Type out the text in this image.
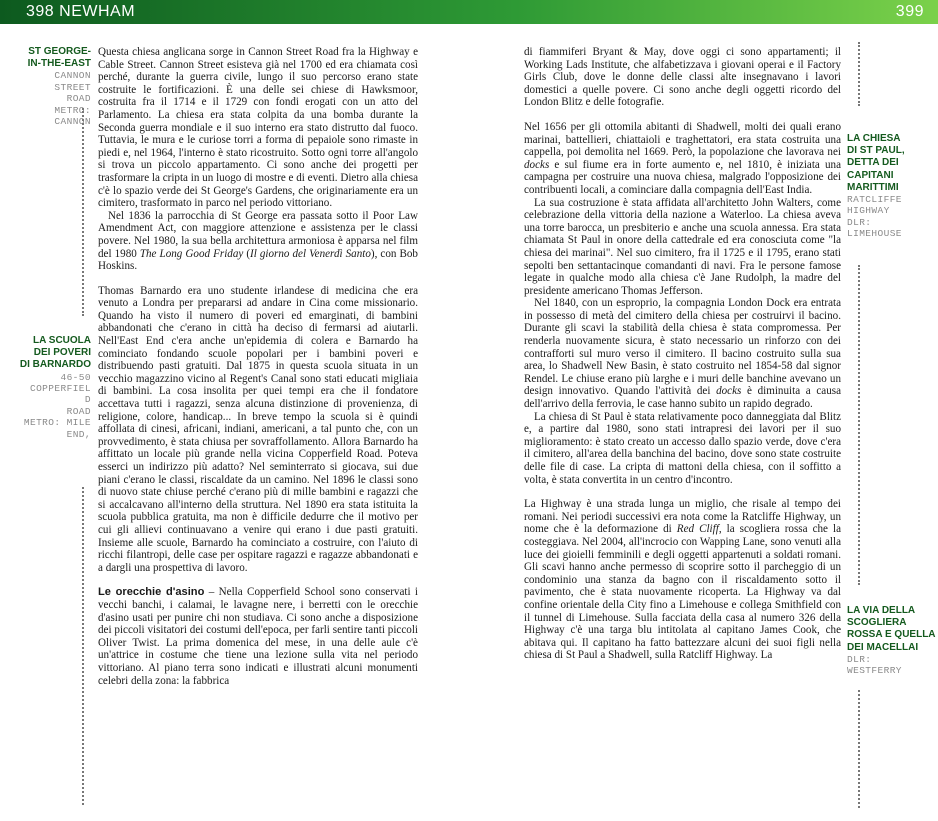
398 NEWHAM	399
ST GEORGE-
IN-THE-EAST
CANNON
STREET
ROAD
METRO:
CANNON
LA SCUOLA
DEI POVERI
DI BARNARDO
46-50
COPPERFIEL
D
ROAD
METRO: MILE
END,

Questa chiesa anglicana sorge in Cannon Street Road fra la Highway e Cable Street. Cannon Street esisteva già nel 1700 ed era chiamata così perché, durante la guerra civile, lungo il suo percorso erano state costruite le fortificazioni. È una delle sei chiese di Hawksmoor, costruita fra il 1714 e il 1729 con fondi erogati con un atto del Parlamento. La chiesa era stata colpita da una bomba durante la Seconda guerra mondiale e il suo interno era stato distrutto dal fuoco. Tuttavia, le mura e le curiose torri a forma di pepaiole sono rimaste in piedi e, nel 1964, l'interno è stato ricostruito. Sotto ogni torre all'angolo si trova un piccolo appartamento. Ci sono anche dei progetti per trasformare la cripta in un luogo di mostre e di eventi. Dietro alla chiesa c'è lo spazio verde dei St George's Gardens, che originariamente era un cimitero, trasformato in parco nel periodo vittoriano.

Nel 1836 la parrocchia di St George era passata sotto il Poor Law Amendment Act, con maggiore attenzione e assistenza per le classi povere. Nel 1980, la sua bella architettura armoniosa è apparsa nel film del 1980 The Long Good Friday (Il giorno del Venerdì Santo), con Bob Hoskins.

Thomas Barnardo era uno studente irlandese di medicina che era venuto a Londra per prepararsi ad andare in Cina come missionario. Quando ha visto il numero di poveri ed emarginati, di bambini abbandonati che c'erano in città ha deciso di fermarsi ad aiutarli. Nell'East End c'era anche un'epidemia di colera e Barnardo ha cominciato fondando scuole popolari per i bambini poveri e distribuendo pasti gratuiti. Dal 1875 in questa scuola situata in un vecchio magazzino vicino al Regent's Canal sono stati educati migliaia di bambini. La cosa insolita per quei tempi era che il fondatore accettava tutti i ragazzi, senza alcuna distinzione di provenienza, di religione, colore, handicap... In breve tempo la scuola si è quindi affollata di cinesi, africani, indiani, americani, a tal punto che, con un provvedimento, è stata chiusa per sovraffollamento. Allora Barnardo ha affittato un locale più grande nella vicina Copperfield Road. Poteva esserci un indirizzo più adatto? Nel seminterrato si giocava, sui due piani c'erano le classi, riscaldate da un camino. Nel 1896 le classi sono di nuovo state chiuse perché c'erano più di mille bambini e ragazzi che si accalcavano all'interno della struttura. Nel 1890 era stata istituita la scuola pubblica gratuita, ma non è difficile dedurre che il motivo per cui gli allievi continuavano a venire qui erano i due pasti gratuiti. Insieme alle scuole, Barnardo ha cominciato a costruire, con l'aiuto di ricchi filantropi, delle case per ospitare ragazzi e ragazze abbandonati e a dargli una prospettiva di lavoro.

Le orecchie d'asino – Nella Copperfield School sono conservati i vecchi banchi, i calamai, le lavagne nere, i berretti con le orecchie d'asino usati per punire chi non studiava. Ci sono anche a disposizione dei piccoli visitatori dei costumi dell'epoca, per farli sentire tanti piccoli Oliver Twist. La prima domenica del mese, in una delle aule c'è un'attrice in costume che tiene una lezione sulla vita nel periodo vittoriano. Al piano terra sono indicati e illustrati alcuni monumenti celebri della zona: la fabbrica

di fiammiferi Bryant & May, dove oggi ci sono appartamenti; il Working Lads Institute, che alfabetizzava i giovani operai e il Factory Girls Club, dove le donne delle classi alte insegnavano i lavori domestici a quelle povere. Ci sono anche degli oggetti ricordo del London Blitz e delle fotografie.

Nel 1656 per gli ottomila abitanti di Shadwell, molti dei quali erano marinai, battellieri, chiattaioli e traghettatori, era stata costruita una cappella, poi demolita nel 1669. Però, la popolazione che lavorava nei docks e sul fiume era in forte aumento e, nel 1810, è iniziata una campagna per costruire una nuova chiesa, malgrado l'opposizione dei contribuenti locali, a cominciare dalla compagnia dell'East India.

La sua costruzione è stata affidata all'architetto John Walters, come celebrazione della vittoria della nazione a Waterloo. La chiesa aveva una torre barocca, un presbiterio e anche una scuola annessa. Era stata chiamata St Paul in onore della cattedrale ed era conosciuta come "la chiesa dei marinai". Nel suo cimitero, fra il 1725 e il 1795, erano stati sepolti ben settantacinque comandanti di navi. Fra le persone famose legate in qualche modo alla chiesa c'è Jane Rudolph, la madre del presidente americano Thomas Jefferson.

Nel 1840, con un esproprio, la compagnia London Dock era entrata in possesso di metà del cimitero della chiesa per costruirvi il bacino. Durante gli scavi la stabilità della chiesa è stata compromessa. Per renderla nuovamente sicura, è stato necessario un rinforzo con dei contrafforti sul muro verso il cimitero. Il bacino costruito sulla sua area, lo Shadwell New Basin, è stato costruito nel 1854-58 dal signor Rendel. Le chiuse erano più larghe e i muri delle banchine avevano un design innovativo. Quando l'attività dei docks è diminuita a causa dell'arrivo della ferrovia, le case hanno subito un rapido degrado.

La chiesa di St Paul è stata relativamente poco danneggiata dal Blitz e, a partire dal 1980, sono stati intrapresi dei lavori per il suo miglioramento: è stato creato un accesso dallo spazio verde, dove c'era il cimitero, all'area della banchina del bacino, dove sono state costruite delle file di case. La cripta di mattoni della chiesa, con il soffitto a volta, è stata convertita in un centro d'incontro.

La Highway è una strada lunga un miglio, che risale al tempo dei romani. Nei periodi successivi era nota come la Ratcliffe Highway, un nome che è la deformazione di Red Cliff, la scogliera rossa che la costeggiava. Nel 2004, all'incrocio con Wapping Lane, sono venuti alla luce dei gioielli femminili e degli oggetti appartenuti a soldati romani. Gli scavi hanno anche permesso di scoprire sotto il parcheggio di un condominio una stanza da bagno con il riscaldamento sotto il pavimento, che è stata nuovamente ricoperta. La Highway va dal confine orientale della City fino a Limehouse e collega Smithfield con il tunnel di Limehouse. Sulla facciata della casa al numero 326 della Highway c'è una targa blu intitolata al capitano James Cook, che abitava qui. Il capitano ha fatto battezzare alcuni dei suoi figli nella chiesa di St Paul a Shadwell, sulla Ratcliff Highway. La

LA CHIESA
DI ST PAUL,
DETTA DEI
CAPITANI
MARITTIMI
RATCLIFFE
HIGHWAY
DLR:
LIMEHOUSE
LA VIA DELLA
SCOGLIERA
ROSSA E QUELLA
DEI MACELLAI
DLR:
WESTFERRY
